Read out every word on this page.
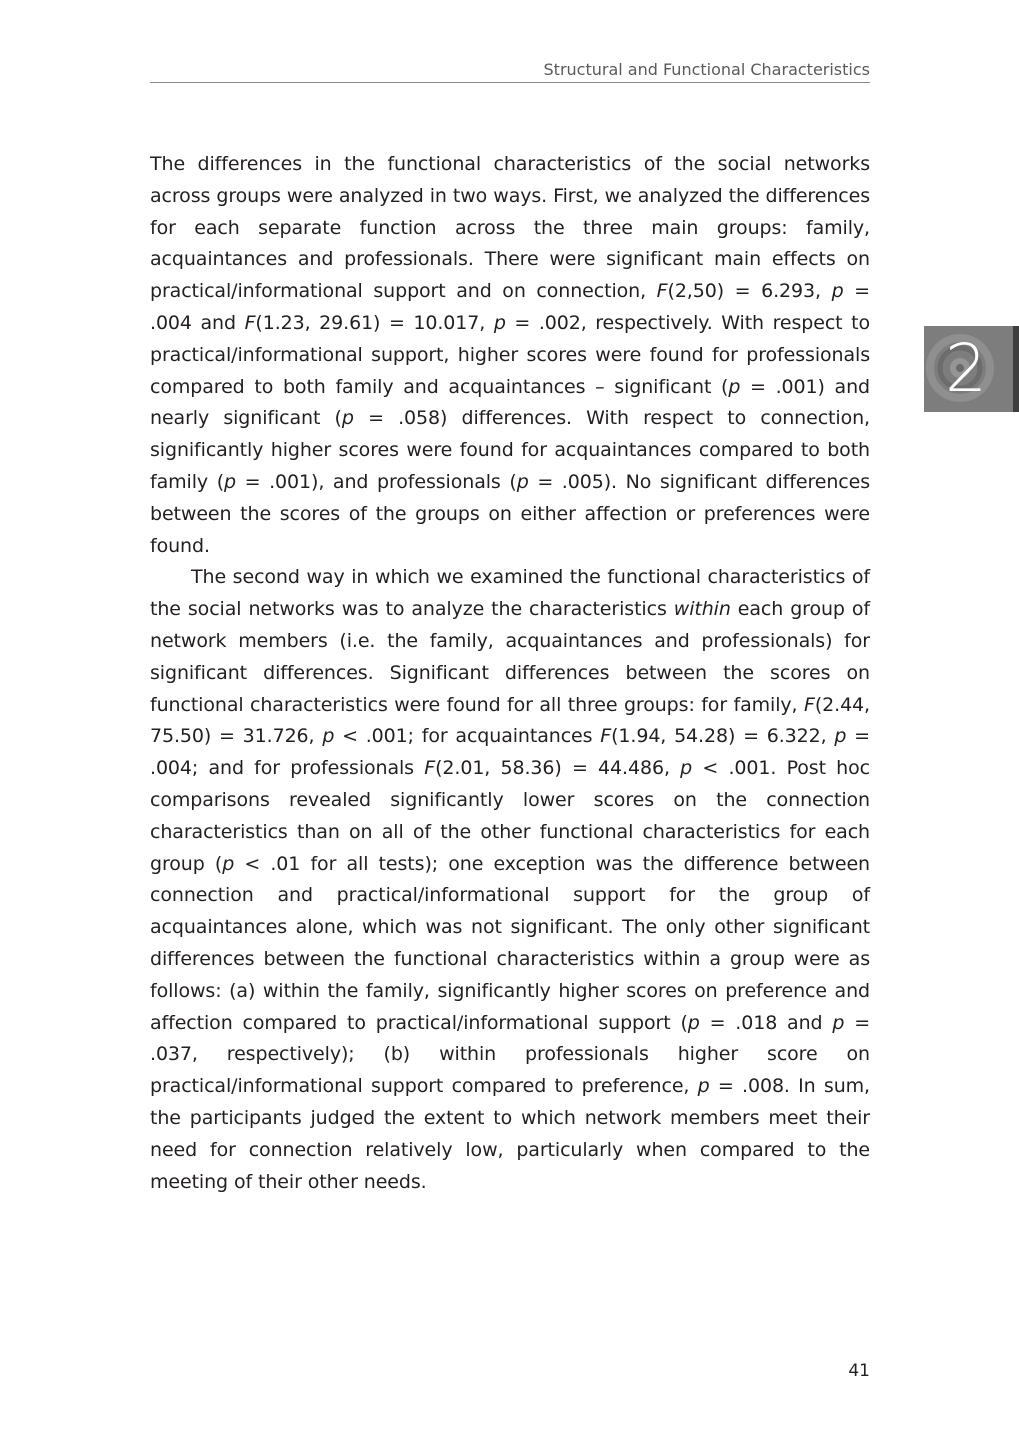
Structural and Functional Characteristics
2

The differences in the functional characteristics of the social networks across groups were analyzed in two ways. First, we analyzed the differences for each separate function across the three main groups: family, acquaintances and professionals. There were significant main effects on practical/informational support and on connection, F(2,50) = 6.293, p = .004 and F(1.23, 29.61) = 10.017, p = .002, respectively. With respect to practical/informational support, higher scores were found for professionals compared to both family and acquaintances – significant (p = .001) and nearly significant (p = .058) differences. With respect to connection, significantly higher scores were found for acquaintances compared to both family (p = .001), and professionals (p = .005). No significant differences between the scores of the groups on either affection or preferences were found.

The second way in which we examined the functional characteristics of the social networks was to analyze the characteristics within each group of network members (i.e. the family, acquaintances and professionals) for significant differences. Significant differences between the scores on functional characteristics were found for all three groups: for family, F(2.44, 75.50) = 31.726, p < .001; for acquaintances F(1.94, 54.28) = 6.322, p = .004; and for professionals F(2.01, 58.36) = 44.486, p < .001. Post hoc comparisons revealed significantly lower scores on the connection characteristics than on all of the other functional characteristics for each group (p < .01 for all tests); one exception was the difference between connection and practical/informational support for the group of acquaintances alone, which was not significant. The only other significant differences between the functional characteristics within a group were as follows: (a) within the family, significantly higher scores on preference and affection compared to practical/informational support (p = .018 and p = .037, respectively); (b) within professionals higher score on practical/informational support compared to preference, p = .008. In sum, the participants judged the extent to which network members meet their need for connection relatively low, particularly when compared to the meeting of their other needs.

41
